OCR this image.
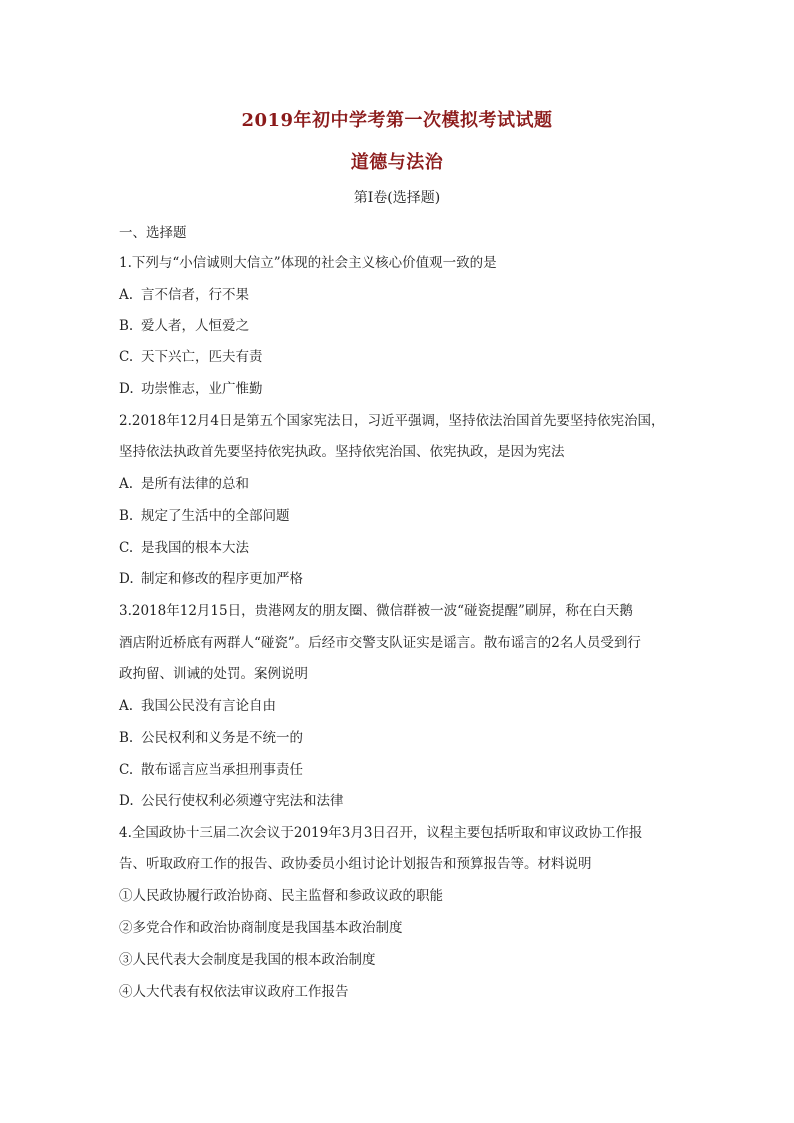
2019年初中学考第一次模拟考试试题
道德与法治
第Ⅰ卷(选择题)
一、选择题
1.下列与“小信诚则大信立”体现的社会主义核心价值观一致的是
A. 言不信者，行不果
B. 爱人者，人恒爱之
C. 天下兴亡，匹夫有责
D. 功崇惟志，业广惟勤
2.2018年12月4日是第五个国家宪法日，习近平强调，坚持依法治国首先要坚持依宪治国，
坚持依法执政首先要坚持依宪执政。坚持依宪治国、依宪执政，是因为宪法
A. 是所有法律的总和
B. 规定了生活中的全部问题
C. 是我国的根本大法
D. 制定和修改的程序更加严格
3.2018年12月15日，贵港网友的朋友圈、微信群被一波“碰瓷提醒”刷屏，称在白天鹅
酒店附近桥底有两群人“碰瓷”。后经市交警支队证实是谣言。散布谣言的2名人员受到行
政拘留、训诫的处罚。案例说明
A. 我国公民没有言论自由
B. 公民权利和义务是不统一的
C. 散布谣言应当承担刑事责任
D. 公民行使权利必须遵守宪法和法律
4.全国政协十三届二次会议于2019年3月3日召开，议程主要包括听取和审议政协工作报
告、听取政府工作的报告、政协委员小组讨论计划报告和预算报告等。材料说明
①人民政协履行政治协商、民主监督和参政议政的职能
②多党合作和政治协商制度是我国基本政治制度
③人民代表大会制度是我国的根本政治制度
④人大代表有权依法审议政府工作报告
